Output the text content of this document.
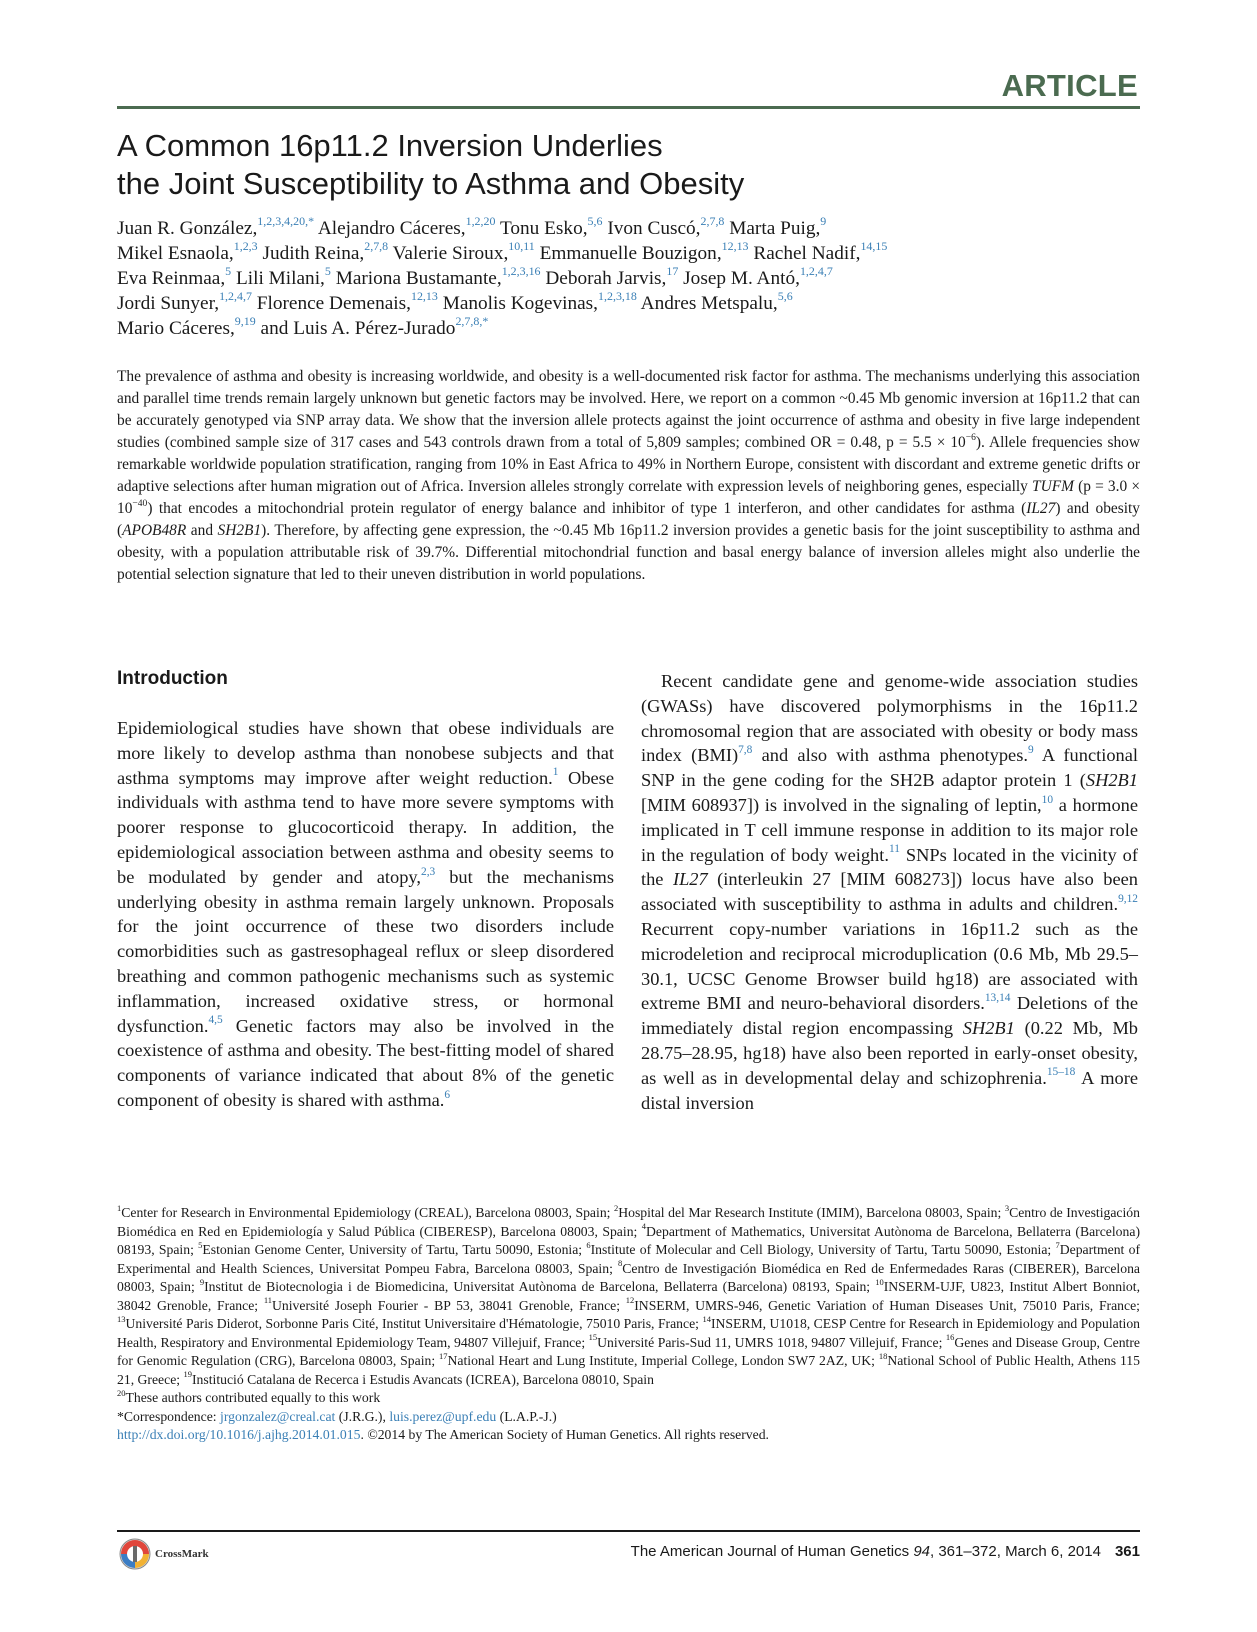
ARTICLE
A Common 16p11.2 Inversion Underlies
the Joint Susceptibility to Asthma and Obesity
Juan R. González,$^{1,2,3,4,20,*}$ Alejandro Cáceres,$^{1,2,20}$ Tonu Esko,$^{5,6}$ Ivon Cuscó,$^{2,7,8}$ Marta Puig,$^9$
Mikel Esnaola,$^{1,2,3}$ Judith Reina,$^{2,7,8}$ Valerie Siroux,$^{10,11}$ Emmanuelle Bouzigon,$^{12,13}$ Rachel Nadif,$^{14,15}$
Eva Reinmaa,$^5$ Lili Milani,$^5$ Mariona Bustamante,$^{1,2,3,16}$ Deborah Jarvis,$^{17}$ Josep M. Antó,$^{1,2,4,7}$
Jordi Sunyer,$^{1,2,4,7}$ Florence Demenais,$^{12,13}$ Manolis Kogevinas,$^{1,2,3,18}$ Andres Metspalu,$^{5,6}$
Mario Cáceres,$^{9,19}$ and Luis A. Pérez-Jurado$^{2,7,8,*}$
The prevalence of asthma and obesity is increasing worldwide, and obesity is a well-documented risk factor for asthma. The mechanisms underlying this association and parallel time trends remain largely unknown but genetic factors may be involved. Here, we report on a common ~0.45 Mb genomic inversion at 16p11.2 that can be accurately genotyped via SNP array data. We show that the inversion allele protects against the joint occurrence of asthma and obesity in five large independent studies (combined sample size of 317 cases and 543 controls drawn from a total of 5,809 samples; combined OR = 0.48, $p = 5.5 \times 10^{-6}$). Allele frequencies show remarkable worldwide population stratification, ranging from 10% in East Africa to 49% in Northern Europe, consistent with discordant and extreme genetic drifts or adaptive selections after human migration out of Africa. Inversion alleles strongly correlate with expression levels of neighboring genes, especially TUFM $(p = 3.0 \times 10^{-40})$ that encodes a mitochondrial protein regulator of energy balance and inhibitor of type 1 interferon, and other candidates for asthma (IL27) and obesity (APOB48R and SH2B1). Therefore, by affecting gene expression, the ~0.45 Mb 16p11.2 inversion provides a genetic basis for the joint susceptibility to asthma and obesity, with a population attributable risk of 39.7%. Differential mitochondrial function and basal energy balance of inversion alleles might also underlie the potential selection signature that led to their uneven distribution in world populations.
Introduction
Epidemiological studies have shown that obese individuals are more likely to develop asthma than nonobese subjects and that asthma symptoms may improve after weight reduction.$^1$ Obese individuals with asthma tend to have more severe symptoms with poorer response to glucocorticoid therapy. In addition, the epidemiological association between asthma and obesity seems to be modulated by gender and atopy,$^{2,3}$ but the mechanisms underlying obesity in asthma remain largely unknown. Proposals for the joint occurrence of these two disorders include comorbidities such as gastresophageal reflux or sleep disordered breathing and common pathogenic mechanisms such as systemic inflammation, increased oxidative stress, or hormonal dysfunction.$^{4,5}$ Genetic factors may also be involved in the coexistence of asthma and obesity. The best-fitting model of shared components of variance indicated that about 8% of the genetic component of obesity is shared with asthma.$^6$
Recent candidate gene and genome-wide association studies (GWASs) have discovered polymorphisms in the 16p11.2 chromosomal region that are associated with obesity or body mass index (BMI)$^{7,8}$ and also with asthma phenotypes.$^9$ A functional SNP in the gene coding for the SH2B adaptor protein 1 (SH2B1 [MIM 608937]) is involved in the signaling of leptin,$^{10}$ a hormone implicated in T cell immune response in addition to its major role in the regulation of body weight.$^{11}$ SNPs located in the vicinity of the IL27 (interleukin 27 [MIM 608273]) locus have also been associated with susceptibility to asthma in adults and children.$^{9,12}$ Recurrent copy-number variations in 16p11.2 such as the microdeletion and reciprocal microduplication (0.6 Mb, Mb 29.5–30.1, UCSC Genome Browser build hg18) are associated with extreme BMI and neuro-behavioral disorders.$^{13,14}$ Deletions of the immediately distal region encompassing SH2B1 (0.22 Mb, Mb 28.75–28.95, hg18) have also been reported in early-onset obesity, as well as in developmental delay and schizophrenia.$^{15-18}$ A more distal inversion

$^1$Center for Research in Environmental Epidemiology (CREAL), Barcelona 08003, Spain; $^2$Hospital del Mar Research Institute (IMIM), Barcelona 08003, Spain; $^3$Centro de Investigación Biomédica en Red en Epidemiología y Salud Pública (CIBERESP), Barcelona 08003, Spain; $^4$Department of Mathematics, Universitat Autònoma de Barcelona, Bellaterra (Barcelona) 08193, Spain; $^5$Estonian Genome Center, University of Tartu, Tartu 50090, Estonia; $^6$Institute of Molecular and Cell Biology, University of Tartu, Tartu 50090, Estonia; $^7$Department of Experimental and Health Sciences, Universitat Pompeu Fabra, Barcelona 08003, Spain; $^8$Centro de Investigación Biomédica en Red de Enfermedades Raras (CIBERER), Barcelona 08003, Spain; $^9$Institut de Biotecnologia i de Biomedicina, Universitat Autònoma de Barcelona, Bellaterra (Barcelona) 08193, Spain; $^{10}$INSERM-UJF, U823, Institut Albert Bonniot, 38042 Grenoble, France; $^{11}$Université Joseph Fourier - BP 53, 38041 Grenoble, France; $^{12}$INSERM, UMRS-946, Genetic Variation of Human Diseases Unit, 75010 Paris, France; $^{13}$Université Paris Diderot, Sorbonne Paris Cité, Institut Universitaire d'Hématologie, 75010 Paris, France; $^{14}$INSERM, U1018, CESP Centre for Research in Epidemiology and Population Health, Respiratory and Environmental Epidemiology Team, 94807 Villejuif, France; $^{15}$Université Paris-Sud 11, UMRS 1018, 94807 Villejuif, France; $^{16}$Genes and Disease Group, Centre for Genomic Regulation (CRG), Barcelona 08003, Spain; $^{17}$National Heart and Lung Institute, Imperial College, London SW7 2AZ, UK; $^{18}$National School of Public Health, Athens 115 21, Greece; $^{19}$Institució Catalana de Recerca i Estudis Avancats (ICREA), Barcelona 08010, Spain

$^{20}$These authors contributed equally to this work

*Correspondence: jrgonzalez@creal.cat (J.R.G.), luis.perez@upf.edu (L.A.P.-J.)

http://dx.doi.org/10.1016/j.ajhg.2014.01.015. ©2014 by The American Society of Human Genetics. All rights reserved.

CrossMark	The American Journal of Human Genetics 94, 361–372, March 6, 2014 361
